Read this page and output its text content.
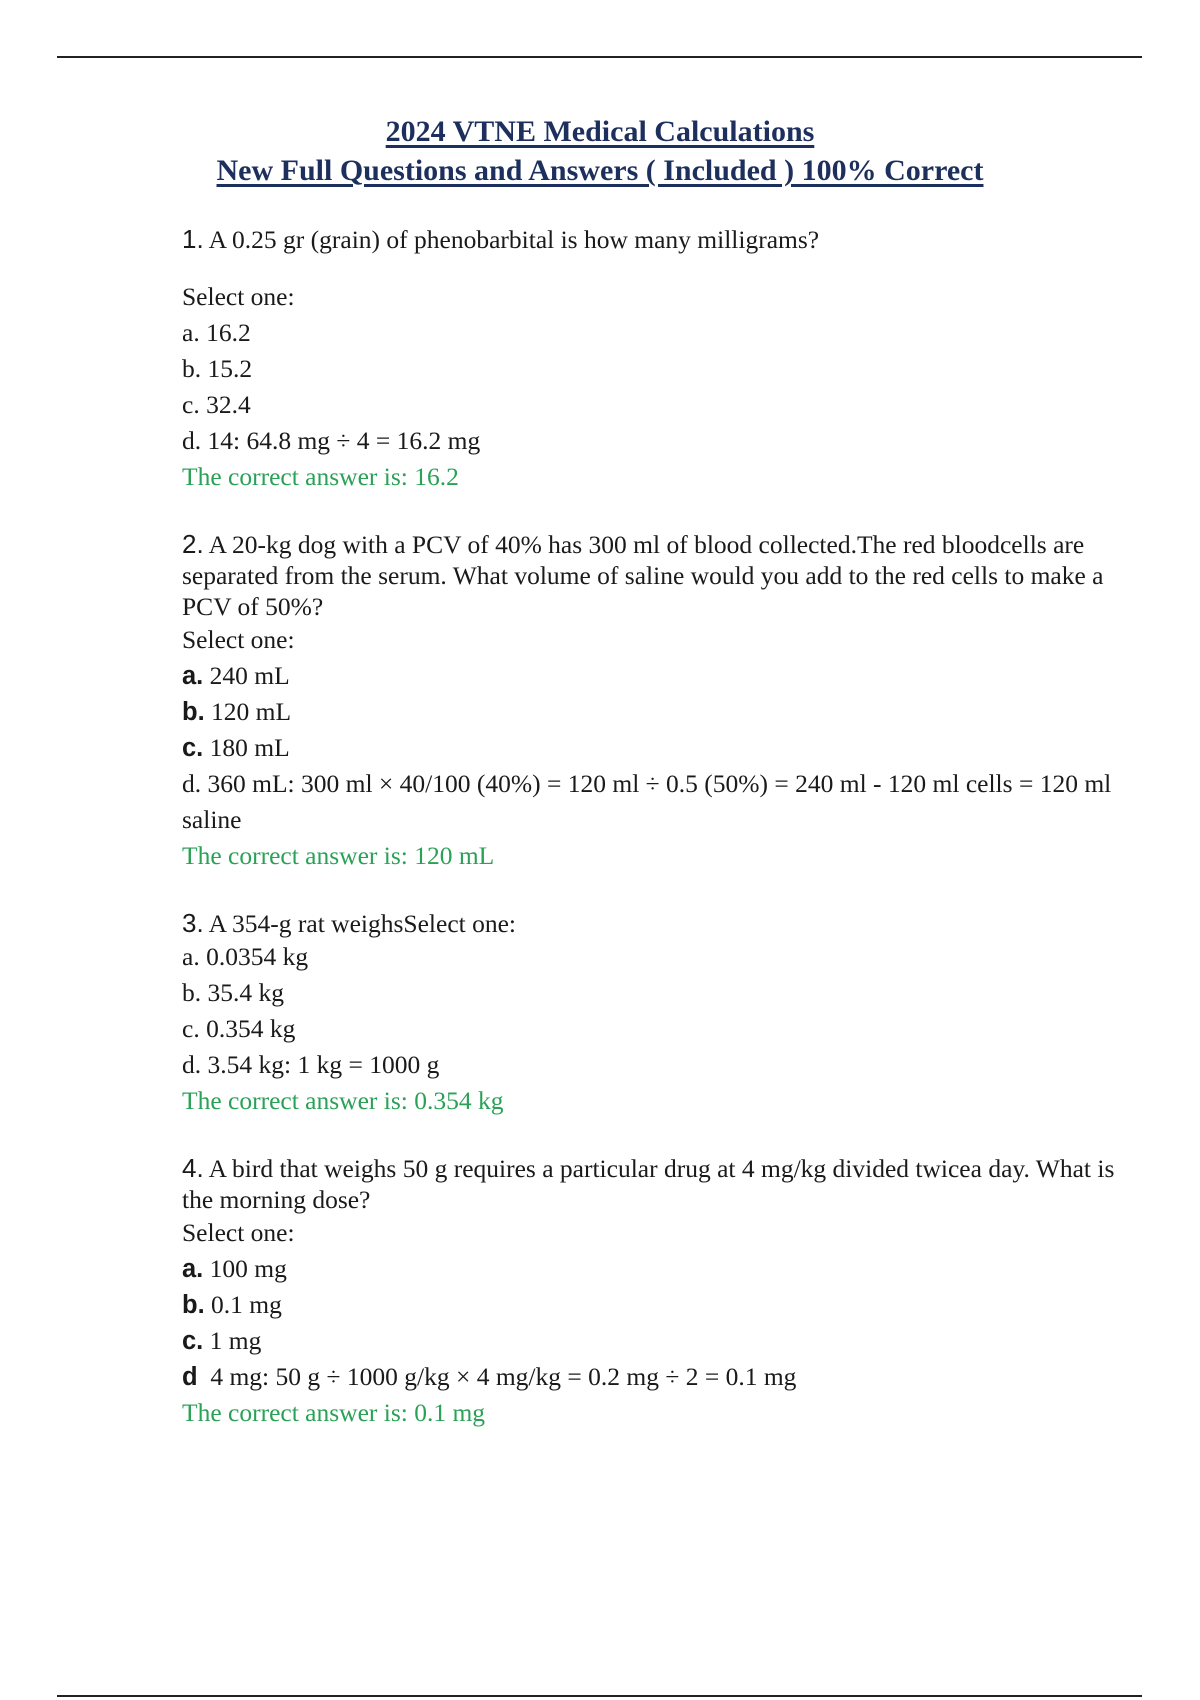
2024 VTNE Medical Calculations
New Full Questions and Answers ( Included ) 100% Correct
1. A 0.25 gr (grain) of phenobarbital is how many milligrams?
Select one:
a. 16.2
b. 15.2
c. 32.4
d. 14: 64.8 mg ÷ 4 = 16.2 mg
The correct answer is: 16.2
2. A 20-kg dog with a PCV of 40% has 300 ml of blood collected.The red bloodcells are separated from the serum. What volume of saline would you add to the red cells to make a PCV of 50%?
Select one:
a. 240 mL
b. 120 mL
c. 180 mL
d. 360 mL: 300 ml × 40/100 (40%) = 120 ml ÷ 0.5 (50%) = 240 ml - 120 ml cells = 120 ml saline
The correct answer is: 120 mL
3. A 354-g rat weighsSelect one:
a. 0.0354 kg
b. 35.4 kg
c. 0.354 kg
d. 3.54 kg: 1 kg = 1000 g
The correct answer is: 0.354 kg
4. A bird that weighs 50 g requires a particular drug at 4 mg/kg divided twicea day. What is the morning dose?
Select one:
a. 100 mg
b. 0.1 mg
c. 1 mg
d  4 mg: 50 g ÷ 1000 g/kg × 4 mg/kg = 0.2 mg ÷ 2 = 0.1 mg
The correct answer is: 0.1 mg
